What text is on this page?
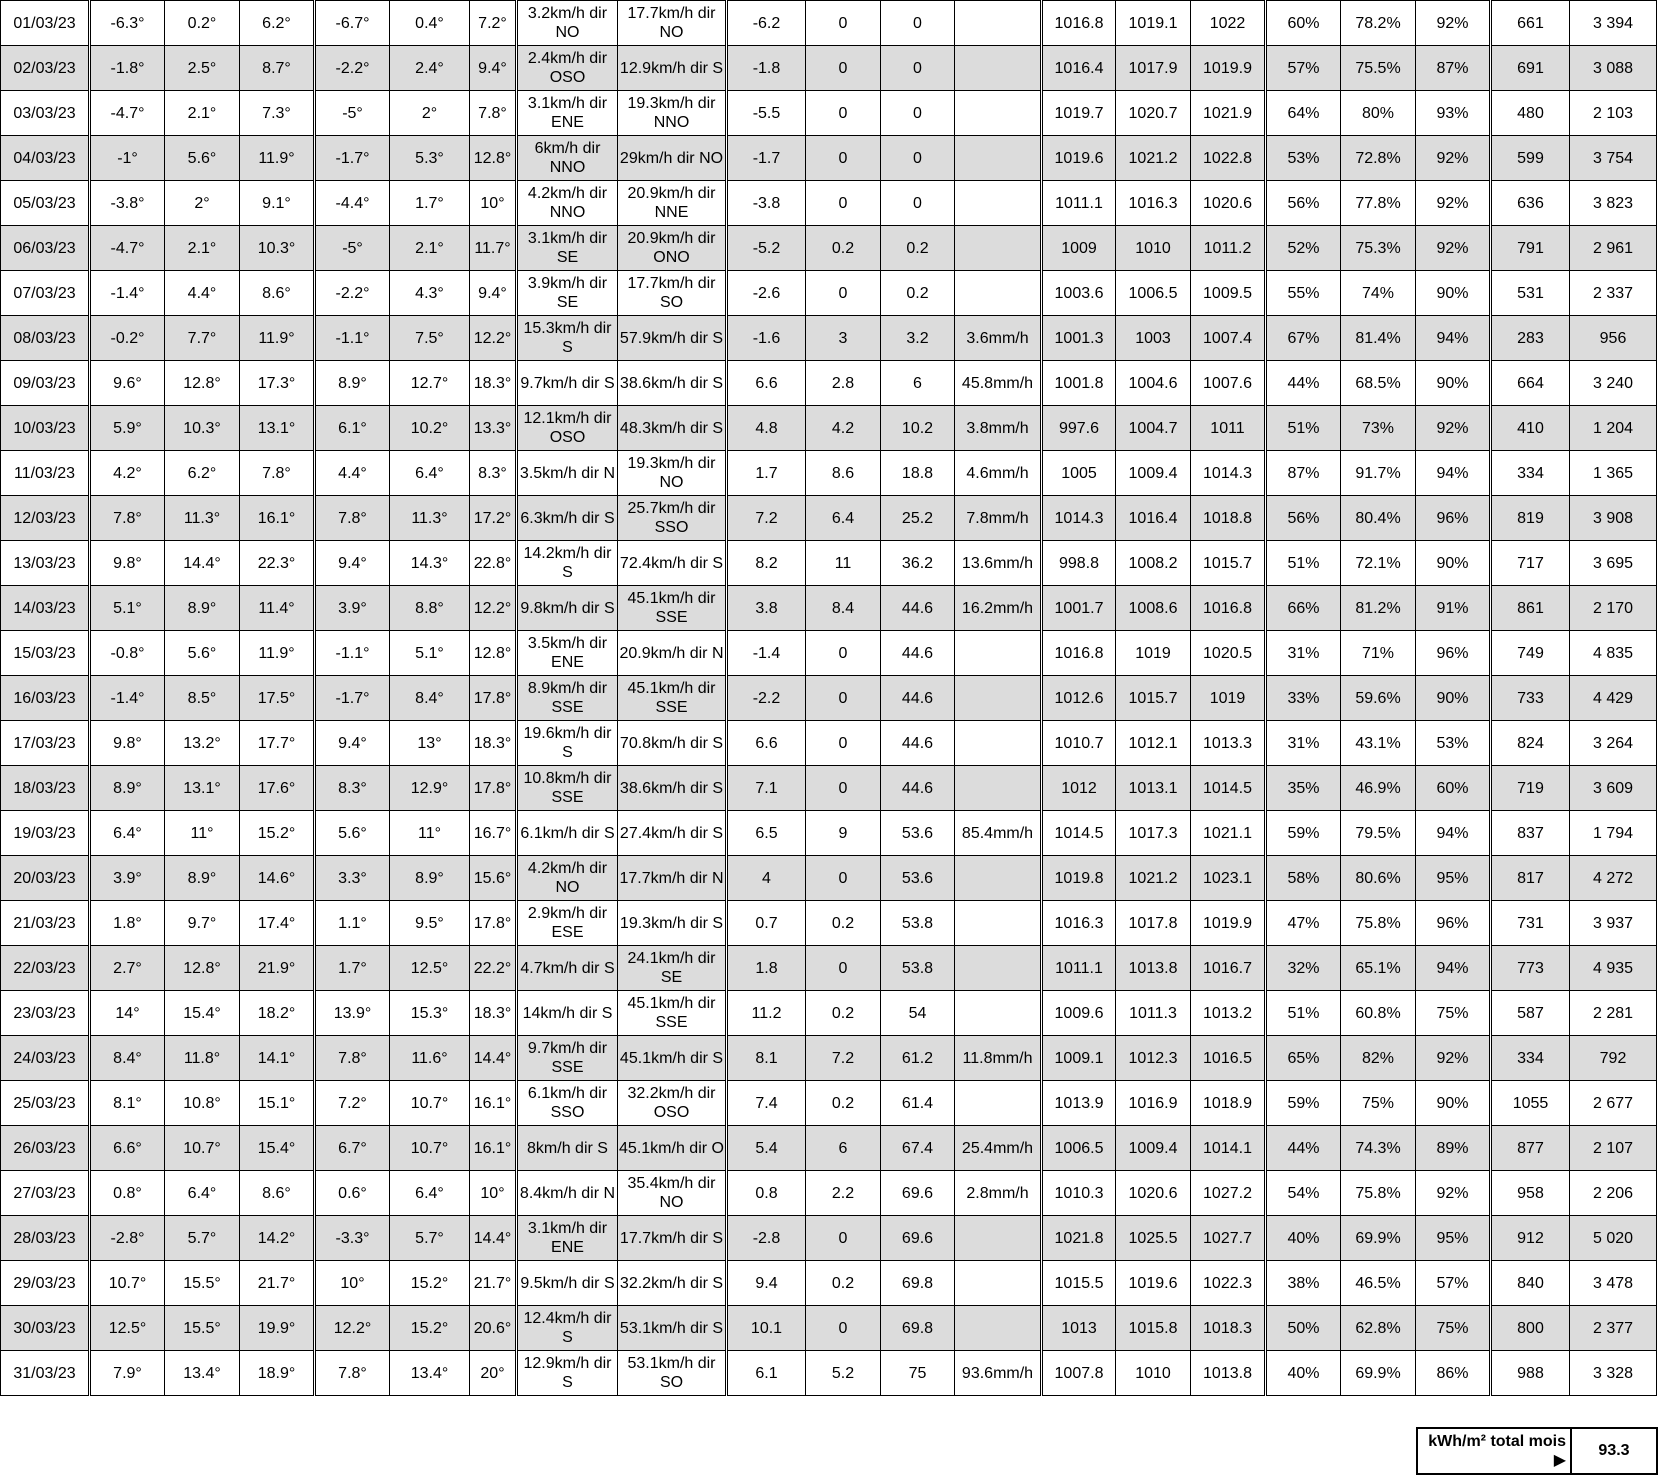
01/03/23	-6.3°	0.2°	6.2°	-6.7°	0.4°	7.2°	3.2km/h dir NO	17.7km/h dir NO	-6.2	0	0		1016.8	1019.1	1022	60%	78.2%	92%	661	3 394
02/03/23	-1.8°	2.5°	8.7°	-2.2°	2.4°	9.4°	2.4km/h dir OSO	12.9km/h dir S	-1.8	0	0		1016.4	1017.9	1019.9	57%	75.5%	87%	691	3 088
03/03/23	-4.7°	2.1°	7.3°	-5°	2°	7.8°	3.1km/h dir ENE	19.3km/h dir NNO	-5.5	0	0		1019.7	1020.7	1021.9	64%	80%	93%	480	2 103
04/03/23	-1°	5.6°	11.9°	-1.7°	5.3°	12.8°	6km/h dir NNO	29km/h dir NO	-1.7	0	0		1019.6	1021.2	1022.8	53%	72.8%	92%	599	3 754
05/03/23	-3.8°	2°	9.1°	-4.4°	1.7°	10°	4.2km/h dir NNO	20.9km/h dir NNE	-3.8	0	0		1011.1	1016.3	1020.6	56%	77.8%	92%	636	3 823
06/03/23	-4.7°	2.1°	10.3°	-5°	2.1°	11.7°	3.1km/h dir SE	20.9km/h dir ONO	-5.2	0.2	0.2		1009	1010	1011.2	52%	75.3%	92%	791	2 961
07/03/23	-1.4°	4.4°	8.6°	-2.2°	4.3°	9.4°	3.9km/h dir SE	17.7km/h dir SO	-2.6	0	0.2		1003.6	1006.5	1009.5	55%	74%	90%	531	2 337
08/03/23	-0.2°	7.7°	11.9°	-1.1°	7.5°	12.2°	15.3km/h dir S	57.9km/h dir S	-1.6	3	3.2	3.6mm/h	1001.3	1003	1007.4	67%	81.4%	94%	283	956
09/03/23	9.6°	12.8°	17.3°	8.9°	12.7°	18.3°	9.7km/h dir S	38.6km/h dir S	6.6	2.8	6	45.8mm/h	1001.8	1004.6	1007.6	44%	68.5%	90%	664	3 240
10/03/23	5.9°	10.3°	13.1°	6.1°	10.2°	13.3°	12.1km/h dir OSO	48.3km/h dir S	4.8	4.2	10.2	3.8mm/h	997.6	1004.7	1011	51%	73%	92%	410	1 204
11/03/23	4.2°	6.2°	7.8°	4.4°	6.4°	8.3°	3.5km/h dir N	19.3km/h dir NO	1.7	8.6	18.8	4.6mm/h	1005	1009.4	1014.3	87%	91.7%	94%	334	1 365
12/03/23	7.8°	11.3°	16.1°	7.8°	11.3°	17.2°	6.3km/h dir S	25.7km/h dir SSO	7.2	6.4	25.2	7.8mm/h	1014.3	1016.4	1018.8	56%	80.4%	96%	819	3 908
13/03/23	9.8°	14.4°	22.3°	9.4°	14.3°	22.8°	14.2km/h dir S	72.4km/h dir S	8.2	11	36.2	13.6mm/h	998.8	1008.2	1015.7	51%	72.1%	90%	717	3 695
14/03/23	5.1°	8.9°	11.4°	3.9°	8.8°	12.2°	9.8km/h dir S	45.1km/h dir SSE	3.8	8.4	44.6	16.2mm/h	1001.7	1008.6	1016.8	66%	81.2%	91%	861	2 170
15/03/23	-0.8°	5.6°	11.9°	-1.1°	5.1°	12.8°	3.5km/h dir ENE	20.9km/h dir N	-1.4	0	44.6		1016.8	1019	1020.5	31%	71%	96%	749	4 835
16/03/23	-1.4°	8.5°	17.5°	-1.7°	8.4°	17.8°	8.9km/h dir SSE	45.1km/h dir SSE	-2.2	0	44.6		1012.6	1015.7	1019	33%	59.6%	90%	733	4 429
17/03/23	9.8°	13.2°	17.7°	9.4°	13°	18.3°	19.6km/h dir S	70.8km/h dir S	6.6	0	44.6		1010.7	1012.1	1013.3	31%	43.1%	53%	824	3 264
18/03/23	8.9°	13.1°	17.6°	8.3°	12.9°	17.8°	10.8km/h dir SSE	38.6km/h dir S	7.1	0	44.6		1012	1013.1	1014.5	35%	46.9%	60%	719	3 609
19/03/23	6.4°	11°	15.2°	5.6°	11°	16.7°	6.1km/h dir S	27.4km/h dir S	6.5	9	53.6	85.4mm/h	1014.5	1017.3	1021.1	59%	79.5%	94%	837	1 794
20/03/23	3.9°	8.9°	14.6°	3.3°	8.9°	15.6°	4.2km/h dir NO	17.7km/h dir N	4	0	53.6		1019.8	1021.2	1023.1	58%	80.6%	95%	817	4 272
21/03/23	1.8°	9.7°	17.4°	1.1°	9.5°	17.8°	2.9km/h dir ESE	19.3km/h dir S	0.7	0.2	53.8		1016.3	1017.8	1019.9	47%	75.8%	96%	731	3 937
22/03/23	2.7°	12.8°	21.9°	1.7°	12.5°	22.2°	4.7km/h dir S	24.1km/h dir SE	1.8	0	53.8		1011.1	1013.8	1016.7	32%	65.1%	94%	773	4 935
23/03/23	14°	15.4°	18.2°	13.9°	15.3°	18.3°	14km/h dir S	45.1km/h dir SSE	11.2	0.2	54		1009.6	1011.3	1013.2	51%	60.8%	75%	587	2 281
24/03/23	8.4°	11.8°	14.1°	7.8°	11.6°	14.4°	9.7km/h dir SSE	45.1km/h dir S	8.1	7.2	61.2	11.8mm/h	1009.1	1012.3	1016.5	65%	82%	92%	334	792
25/03/23	8.1°	10.8°	15.1°	7.2°	10.7°	16.1°	6.1km/h dir SSO	32.2km/h dir OSO	7.4	0.2	61.4		1013.9	1016.9	1018.9	59%	75%	90%	1055	2 677
26/03/23	6.6°	10.7°	15.4°	6.7°	10.7°	16.1°	8km/h dir S	45.1km/h dir O	5.4	6	67.4	25.4mm/h	1006.5	1009.4	1014.1	44%	74.3%	89%	877	2 107
27/03/23	0.8°	6.4°	8.6°	0.6°	6.4°	10°	8.4km/h dir N	35.4km/h dir NO	0.8	2.2	69.6	2.8mm/h	1010.3	1020.6	1027.2	54%	75.8%	92%	958	2 206
28/03/23	-2.8°	5.7°	14.2°	-3.3°	5.7°	14.4°	3.1km/h dir ENE	17.7km/h dir S	-2.8	0	69.6		1021.8	1025.5	1027.7	40%	69.9%	95%	912	5 020
29/03/23	10.7°	15.5°	21.7°	10°	15.2°	21.7°	9.5km/h dir S	32.2km/h dir S	9.4	0.2	69.8		1015.5	1019.6	1022.3	38%	46.5%	57%	840	3 478
30/03/23	12.5°	15.5°	19.9°	12.2°	15.2°	20.6°	12.4km/h dir S	53.1km/h dir S	10.1	0	69.8		1013	1015.8	1018.3	50%	62.8%	75%	800	2 377
31/03/23	7.9°	13.4°	18.9°	7.8°	13.4°	20°	12.9km/h dir S	53.1km/h dir SO	6.1	5.2	75	93.6mm/h	1007.8	1010	1013.8	40%	69.9%	86%	988	3 328
kWh/m² total mois
▶	93.3
